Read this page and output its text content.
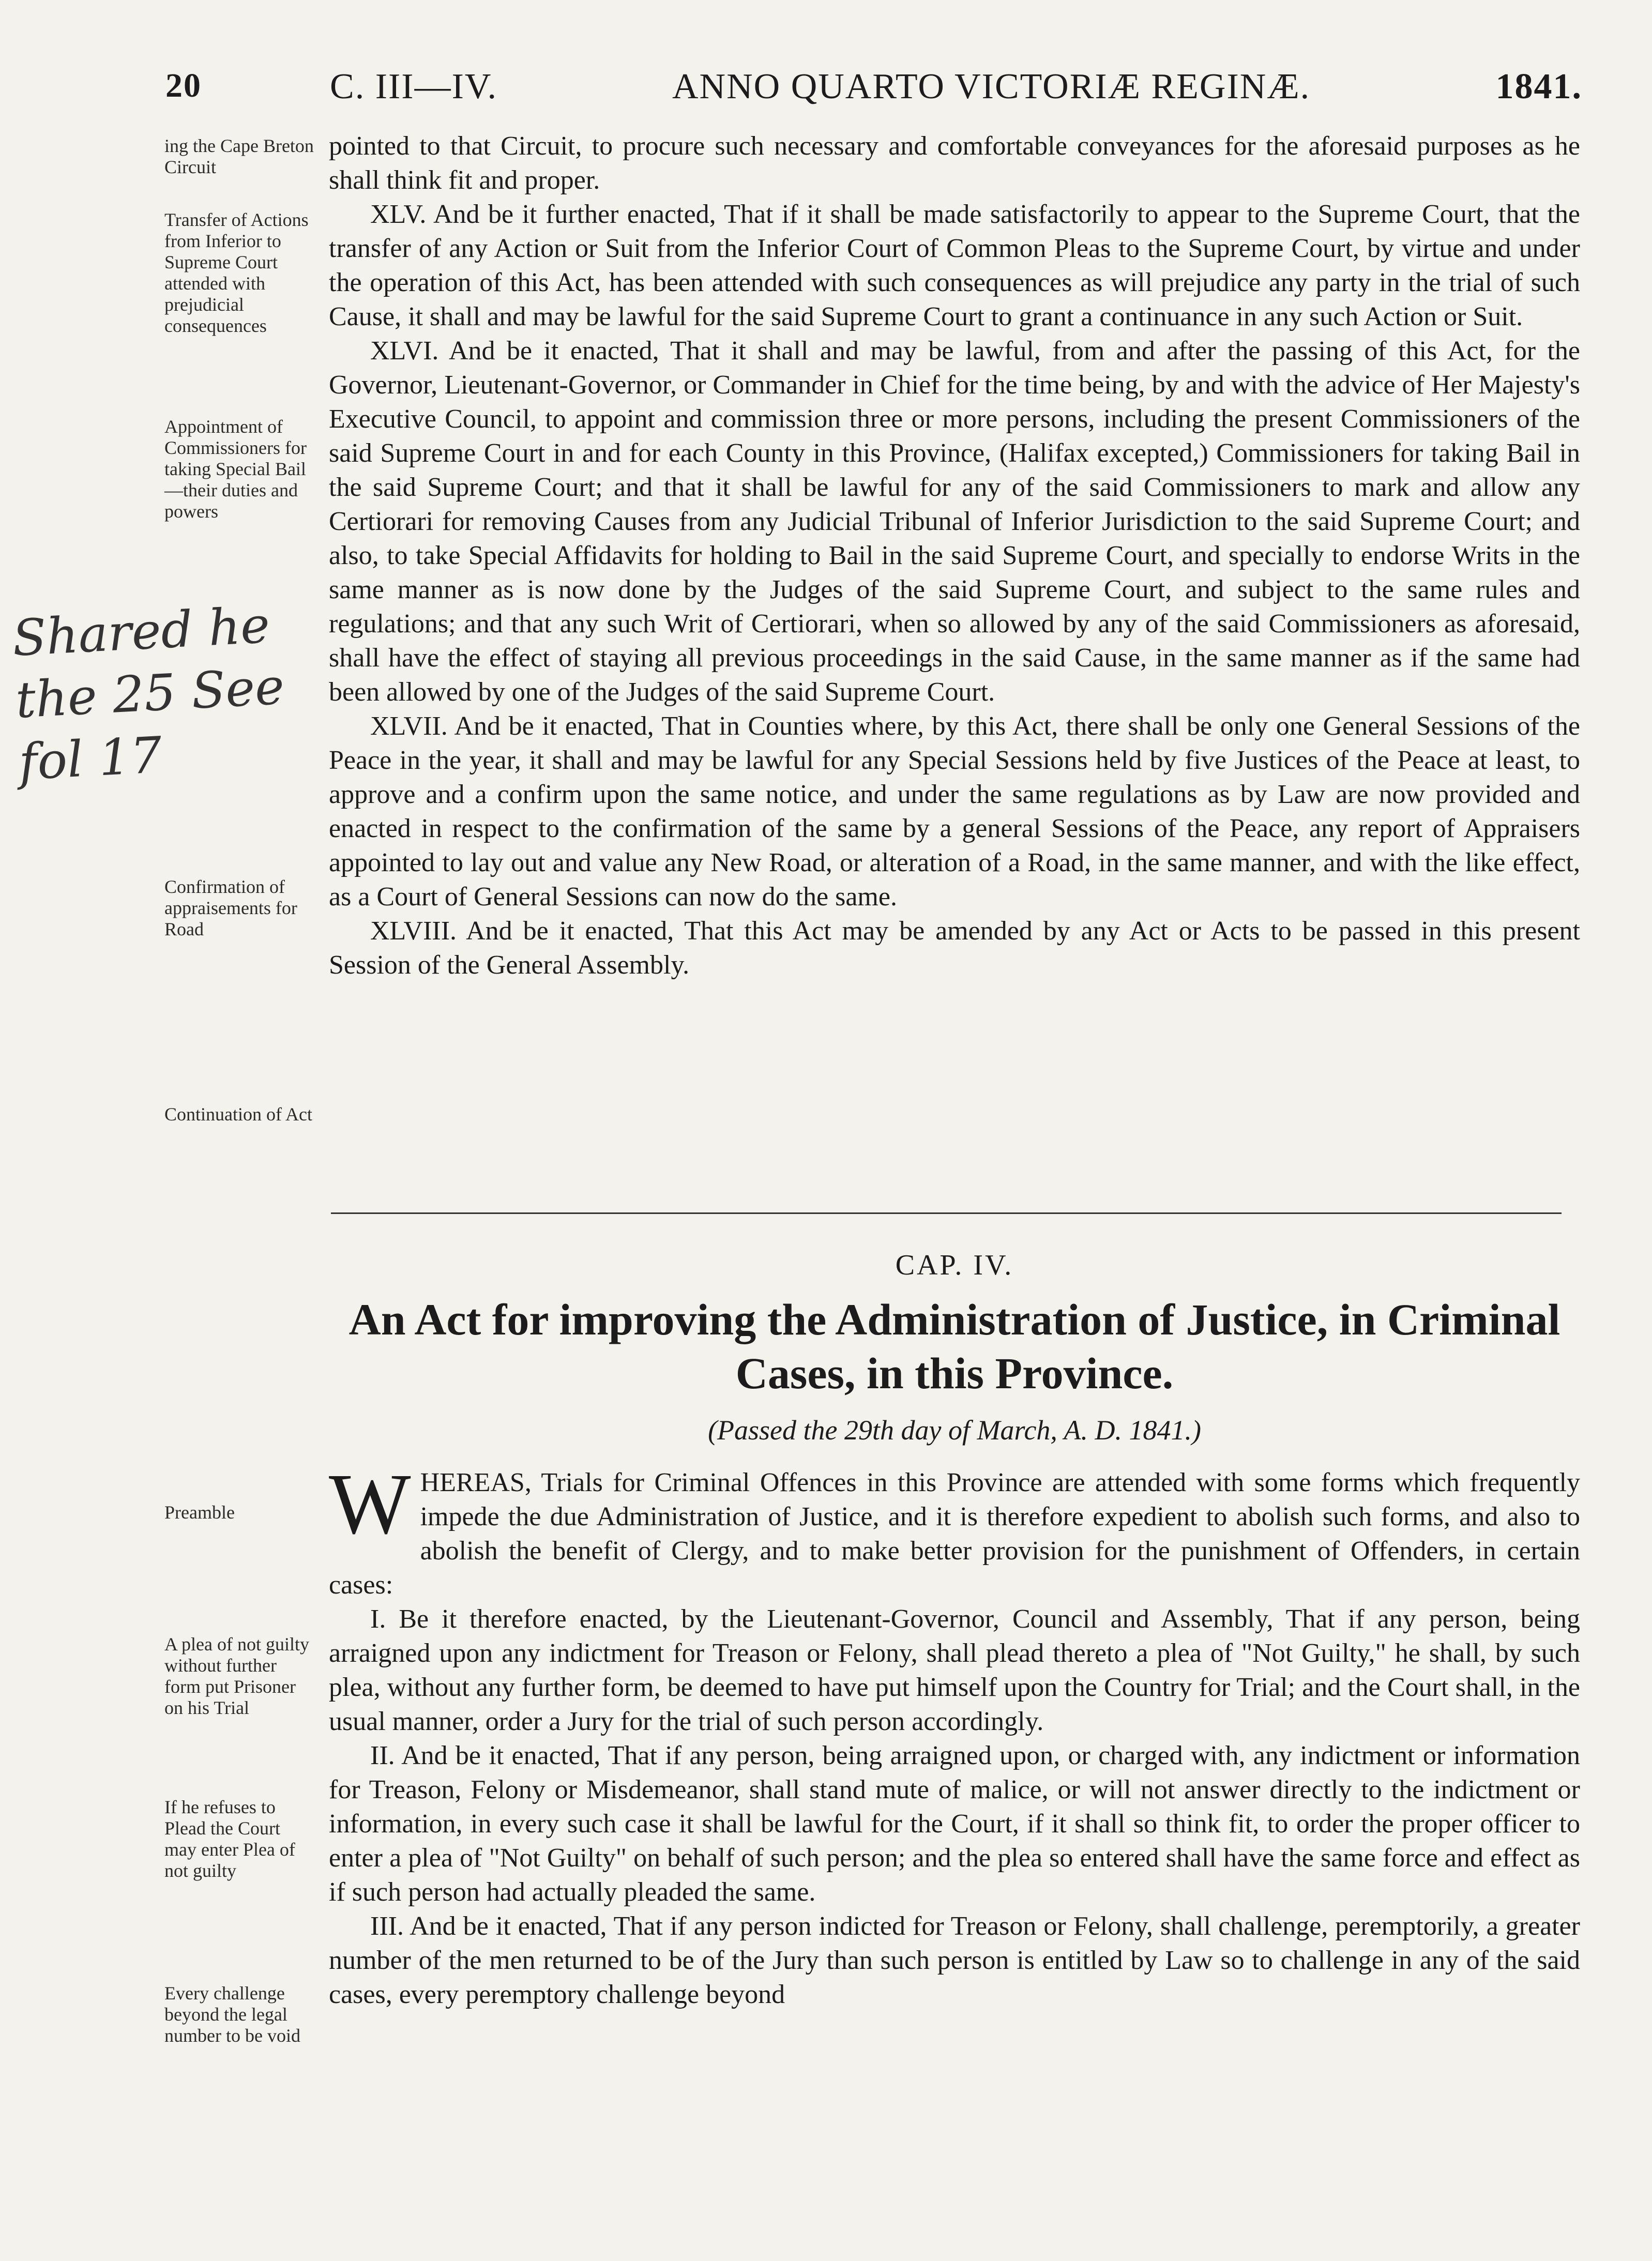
20	C. III—IV.	ANNO QUARTO VICTORIÆ REGINÆ.	1841.
ing the Cape Breton Circuit
Transfer of Actions from Inferior to Supreme Court attended with prejudicial consequences
Appointment of Commissioners for taking Special Bail—their duties and powers
Confirmation of appraisements for Road
Continuation of Act
Preamble
A plea of not guilty without further form put Prisoner on his Trial
If he refuses to Plead the Court may enter Plea of not guilty
Every challenge beyond the legal number to be void
Shared he the 25 See fol 17

pointed to that Circuit, to procure such necessary and comfortable conveyances for the aforesaid purposes as he shall think fit and proper.

XLV. And be it further enacted, That if it shall be made satisfactorily to appear to the Supreme Court, that the transfer of any Action or Suit from the Inferior Court of Common Pleas to the Supreme Court, by virtue and under the operation of this Act, has been attended with such consequences as will prejudice any party in the trial of such Cause, it shall and may be lawful for the said Supreme Court to grant a continuance in any such Action or Suit.

XLVI. And be it enacted, That it shall and may be lawful, from and after the passing of this Act, for the Governor, Lieutenant-Governor, or Commander in Chief for the time being, by and with the advice of Her Majesty's Executive Council, to appoint and commission three or more persons, including the present Commissioners of the said Supreme Court in and for each County in this Province, (Halifax excepted,) Commissioners for taking Bail in the said Supreme Court; and that it shall be lawful for any of the said Commissioners to mark and allow any Certiorari for removing Causes from any Judicial Tribunal of Inferior Jurisdiction to the said Supreme Court; and also, to take Special Affidavits for holding to Bail in the said Supreme Court, and specially to endorse Writs in the same manner as is now done by the Judges of the said Supreme Court, and subject to the same rules and regulations; and that any such Writ of Certiorari, when so allowed by any of the said Commissioners as aforesaid, shall have the effect of staying all previous proceedings in the said Cause, in the same manner as if the same had been allowed by one of the Judges of the said Supreme Court.

XLVII. And be it enacted, That in Counties where, by this Act, there shall be only one General Sessions of the Peace in the year, it shall and may be lawful for any Special Sessions held by five Justices of the Peace at least, to approve and a confirm upon the same notice, and under the same regulations as by Law are now provided and enacted in respect to the confirmation of the same by a general Sessions of the Peace, any report of Appraisers appointed to lay out and value any New Road, or alteration of a Road, in the same manner, and with the like effect, as a Court of General Sessions can now do the same.

XLVIII. And be it enacted, That this Act may be amended by any Act or Acts to be passed in this present Session of the General Assembly.

CAP. IV.
An Act for improving the Administration of Justice, in Criminal Cases, in this Province.
(Passed the 29th day of March, A. D. 1841.)

WHEREAS, Trials for Criminal Offences in this Province are attended with some forms which frequently impede the due Administration of Justice, and it is therefore expedient to abolish such forms, and also to abolish the benefit of Clergy, and to make better provision for the punishment of Offenders, in certain cases:

I. Be it therefore enacted, by the Lieutenant-Governor, Council and Assembly, That if any person, being arraigned upon any indictment for Treason or Felony, shall plead thereto a plea of "Not Guilty," he shall, by such plea, without any further form, be deemed to have put himself upon the Country for Trial; and the Court shall, in the usual manner, order a Jury for the trial of such person accordingly.

II. And be it enacted, That if any person, being arraigned upon, or charged with, any indictment or information for Treason, Felony or Misdemeanor, shall stand mute of malice, or will not answer directly to the indictment or information, in every such case it shall be lawful for the Court, if it shall so think fit, to order the proper officer to enter a plea of "Not Guilty" on behalf of such person; and the plea so entered shall have the same force and effect as if such person had actually pleaded the same.

III. And be it enacted, That if any person indicted for Treason or Felony, shall challenge, peremptorily, a greater number of the men returned to be of the Jury than such person is entitled by Law so to challenge in any of the said cases, every peremptory challenge beyond
